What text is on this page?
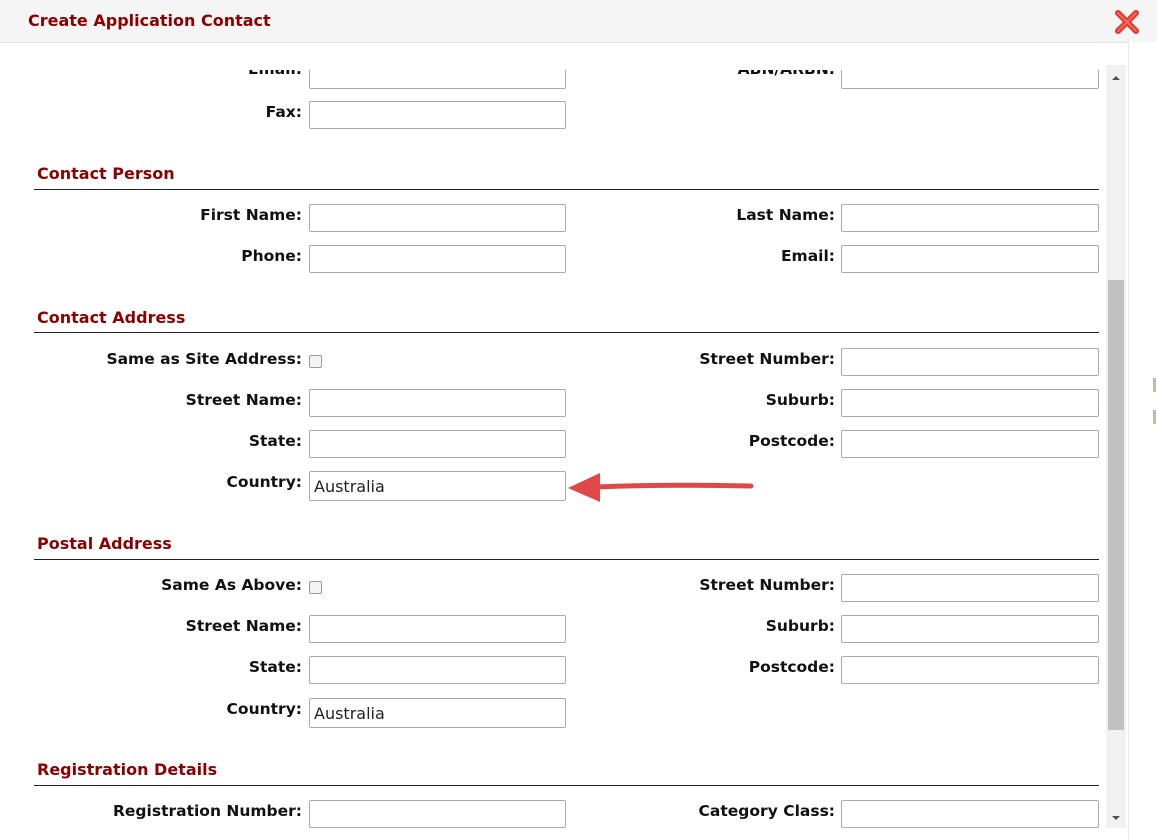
Create Application Contact
Fax:
Contact Person
First Name:	Last Name:
Phone:	Email:
Contact Address
Same as Site Address:	Street Number:
Street Name:	Suburb:
State:	Postcode:
Country:
Australia
Postal Address
Same As Above:	Street Number:
Street Name:	Suburb:
State:	Postcode:
Country:
Australia
Registration Details
Registration Number:	Category Class:
